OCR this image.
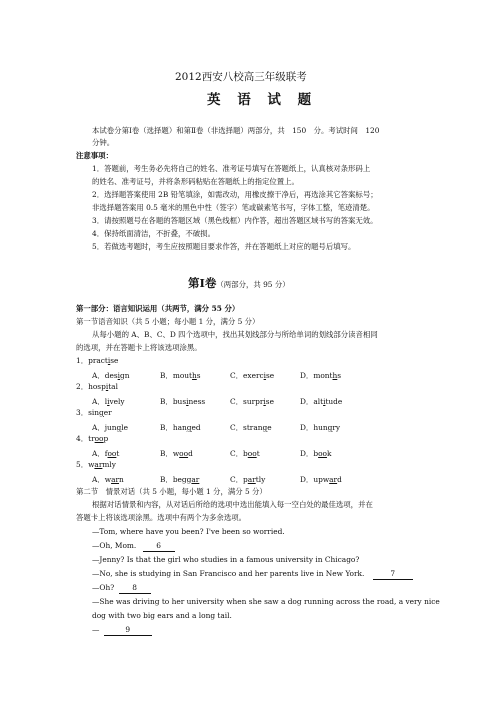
2012西安八校高三年级联考
英 语 试 题
本试卷分第Ⅰ卷（选择题）和第Ⅱ卷（非选择题）两部分，共　150　分。考试时间　120
分钟。
注意事项：
1．答题前，考生务必先将自己的姓名、准考证号填写在答题纸上，认真核对条形码上
的姓名、准考证号，并将条形码粘贴在答题纸上的指定位置上。
2．选择题答案使用 2B 铅笔填涂，如需改动，用橡皮擦干净后，再选涂其它答案标号；
非选择题答案用 0.5 毫米的黑色中性（签字）笔或碳素笔书写，字体工整，笔迹清楚。
3．请按照题号在各题的答题区域（黑色线框）内作答，超出答题区域书写的答案无效。
4．保持纸面清洁，不折叠，不破损。
5．若做选考题时，考生应按照题目要求作答，并在答题纸上对应的题号后填写。
第Ⅰ卷（两部分，共 95 分）
第一部分：语言知识运用（共两节，满分 55 分）
第一节语音知识（共 5 小题；每小题 1 分，满分 5 分）
从每小题的 A、B、C、D 四个选项中，找出其划线部分与所给单词的划线部分读音相同
的选项，并在答题卡上将该选项涂黑。
1．practise
A．design	B．mouths	C．exercise	D．months
2．hospital
A．lively	B．business	C．surprise	D．altitude
3．singer
A．jungle	B．hanged	C．strange	D．hungry
4．troop
A．foot	B．wood	C．boot	D．book
5．warmly
A．warn	B．beggar	C．partly	D．upward
第二节　情景对话（共 5 小题，每小题 1 分，满分 5 分）
根据对话情景和内容，从对话后所给的选项中选出能填入每一空白处的最佳选项，并在
答题卡上将该选项涂黑。选项中有两个为多余选项。
—Tom, where have you been? I've been so worried.
—Oh, Mom.	6
—Jenny? Is that the girl who studies in a famous university in Chicago?
—No, she is studying in San Francisco and her parents live in New York.	7
—Oh? 8
—She was driving to her university when she saw a dog running across the road, a very nice
dog with two big ears and a long tail.
—	9
